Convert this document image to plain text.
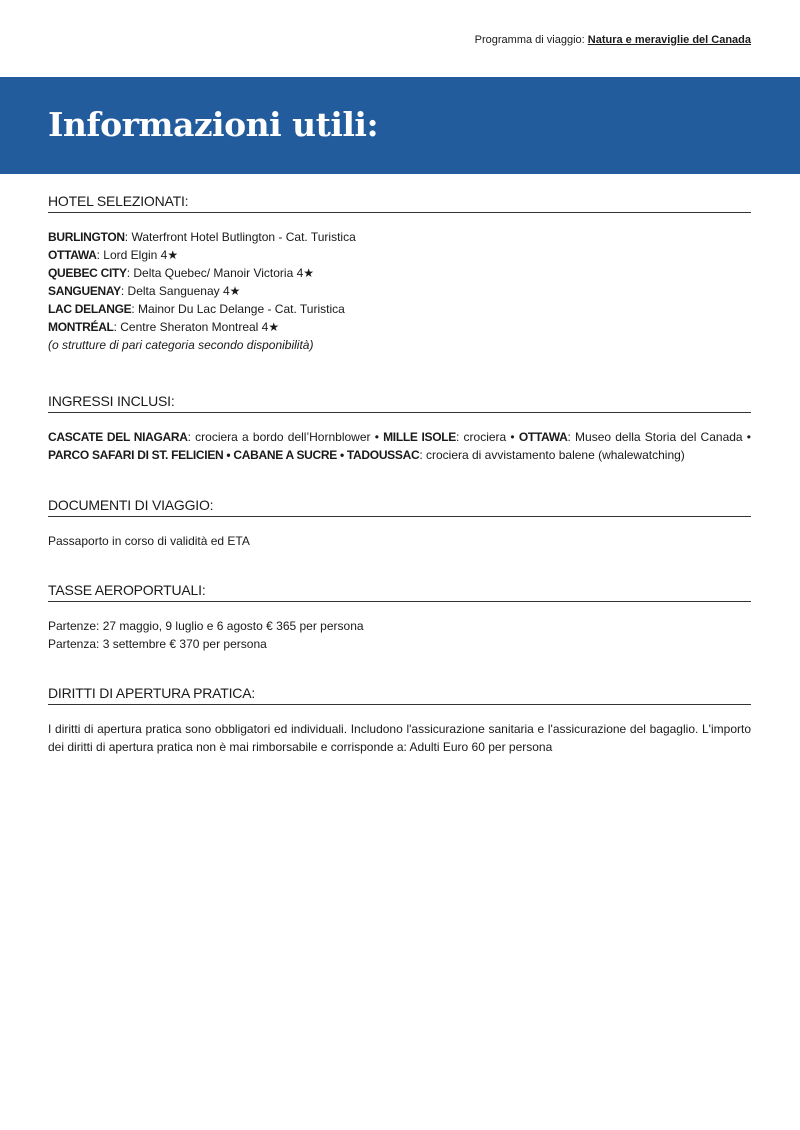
Programma di viaggio: Natura e meraviglie del Canada
Informazioni utili:
HOTEL SELEZIONATI:
BURLINGTON: Waterfront Hotel Butlington - Cat. Turistica
OTTAWA: Lord Elgin 4★
QUEBEC CITY: Delta Quebec/ Manoir Victoria 4★
SANGUENAY: Delta Sanguenay 4★
LAC DELANGE: Mainor Du Lac Delange - Cat. Turistica
MONTRÉAL: Centre Sheraton Montreal 4★
(o strutture di pari categoria secondo disponibilità)
INGRESSI INCLUSI:
CASCATE DEL NIAGARA: crociera a bordo dell’Hornblower • MILLE ISOLE: crociera • OTTAWA: Museo della Storia del Canada • PARCO SAFARI DI ST. FELICIEN • CABANE A SUCRE • TADOUSSAC: crociera di avvistamento balene (whalewatching)
DOCUMENTI DI VIAGGIO:
Passaporto in corso di validità ed ETA
TASSE AEROPORTUALI:
Partenze: 27 maggio, 9 luglio e 6 agosto € 365 per persona
Partenza: 3 settembre € 370 per persona
DIRITTI DI APERTURA PRATICA:
I diritti di apertura pratica sono obbligatori ed individuali. Includono l'assicurazione sanitaria e l'assicurazione del bagaglio. L'importo dei diritti di apertura pratica non è mai rimborsabile e corrisponde a: Adulti Euro 60 per persona
